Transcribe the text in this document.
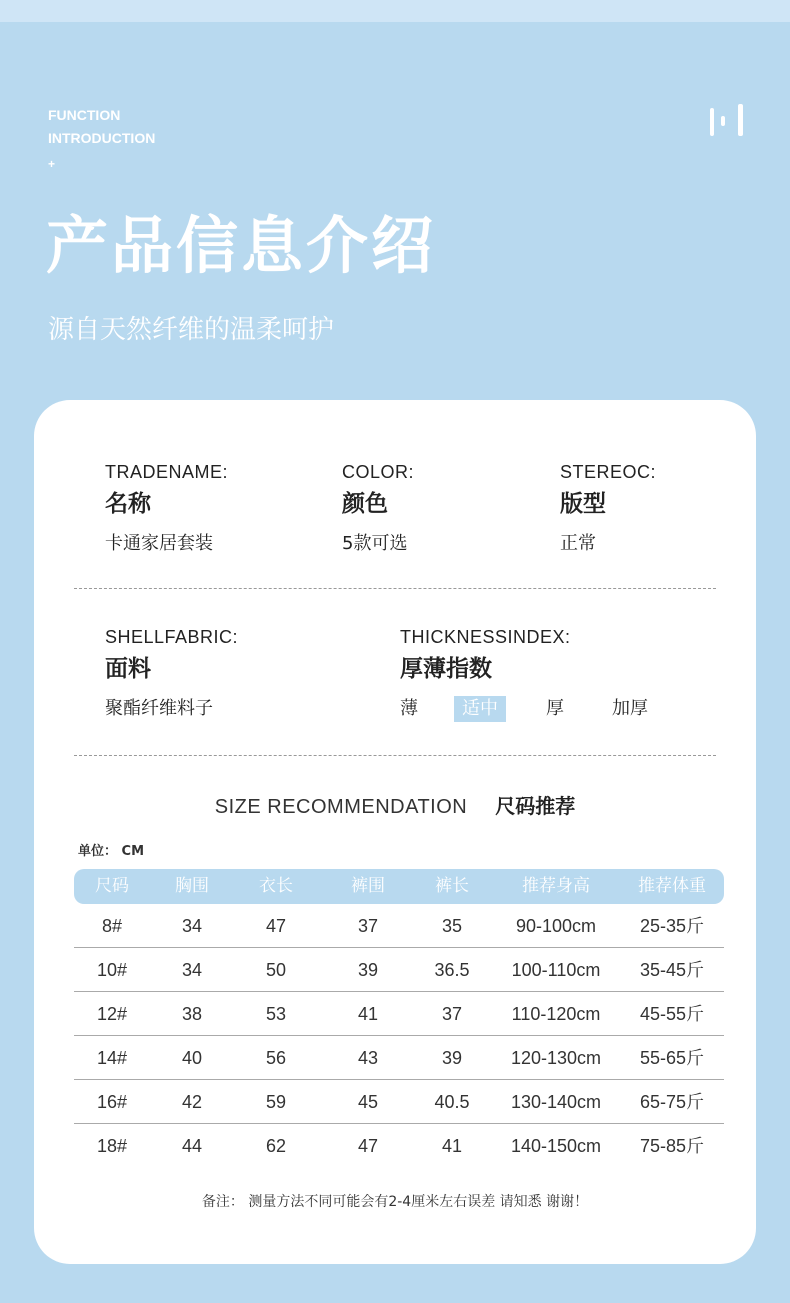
FUNCTION
INTRODUCTION
+
产品信息介绍
源自天然纤维的温柔呵护
TRADENAME:
名称
卡通家居套装
COLOR:
颜色
5款可选
STEREOC:
版型
正常
SHELLFABRIC:
面料
聚酯纤维料子
THICKNESSINDEX:
厚薄指数
薄	适中	厚	加厚
SIZE RECOMMENDATION 尺码推荐
单位： CM
尺码	胸围	衣长	裤围	裤长	推荐身高	推荐体重
8#	34	47	37	35	90-100cm 25-35斤
10#	34	50	39	36.5 100-110cm 35-45斤
12#	38	53	41	37	110-120cm 45-55斤
14#	40	56	43	39	120-130cm 55-65斤
16#	42	59	45	40.5 130-140cm 65-75斤
18#	44	62	47	41	140-150cm 75-85斤
备注： 测量方法不同可能会有2-4厘米左右误差 请知悉 谢谢！
